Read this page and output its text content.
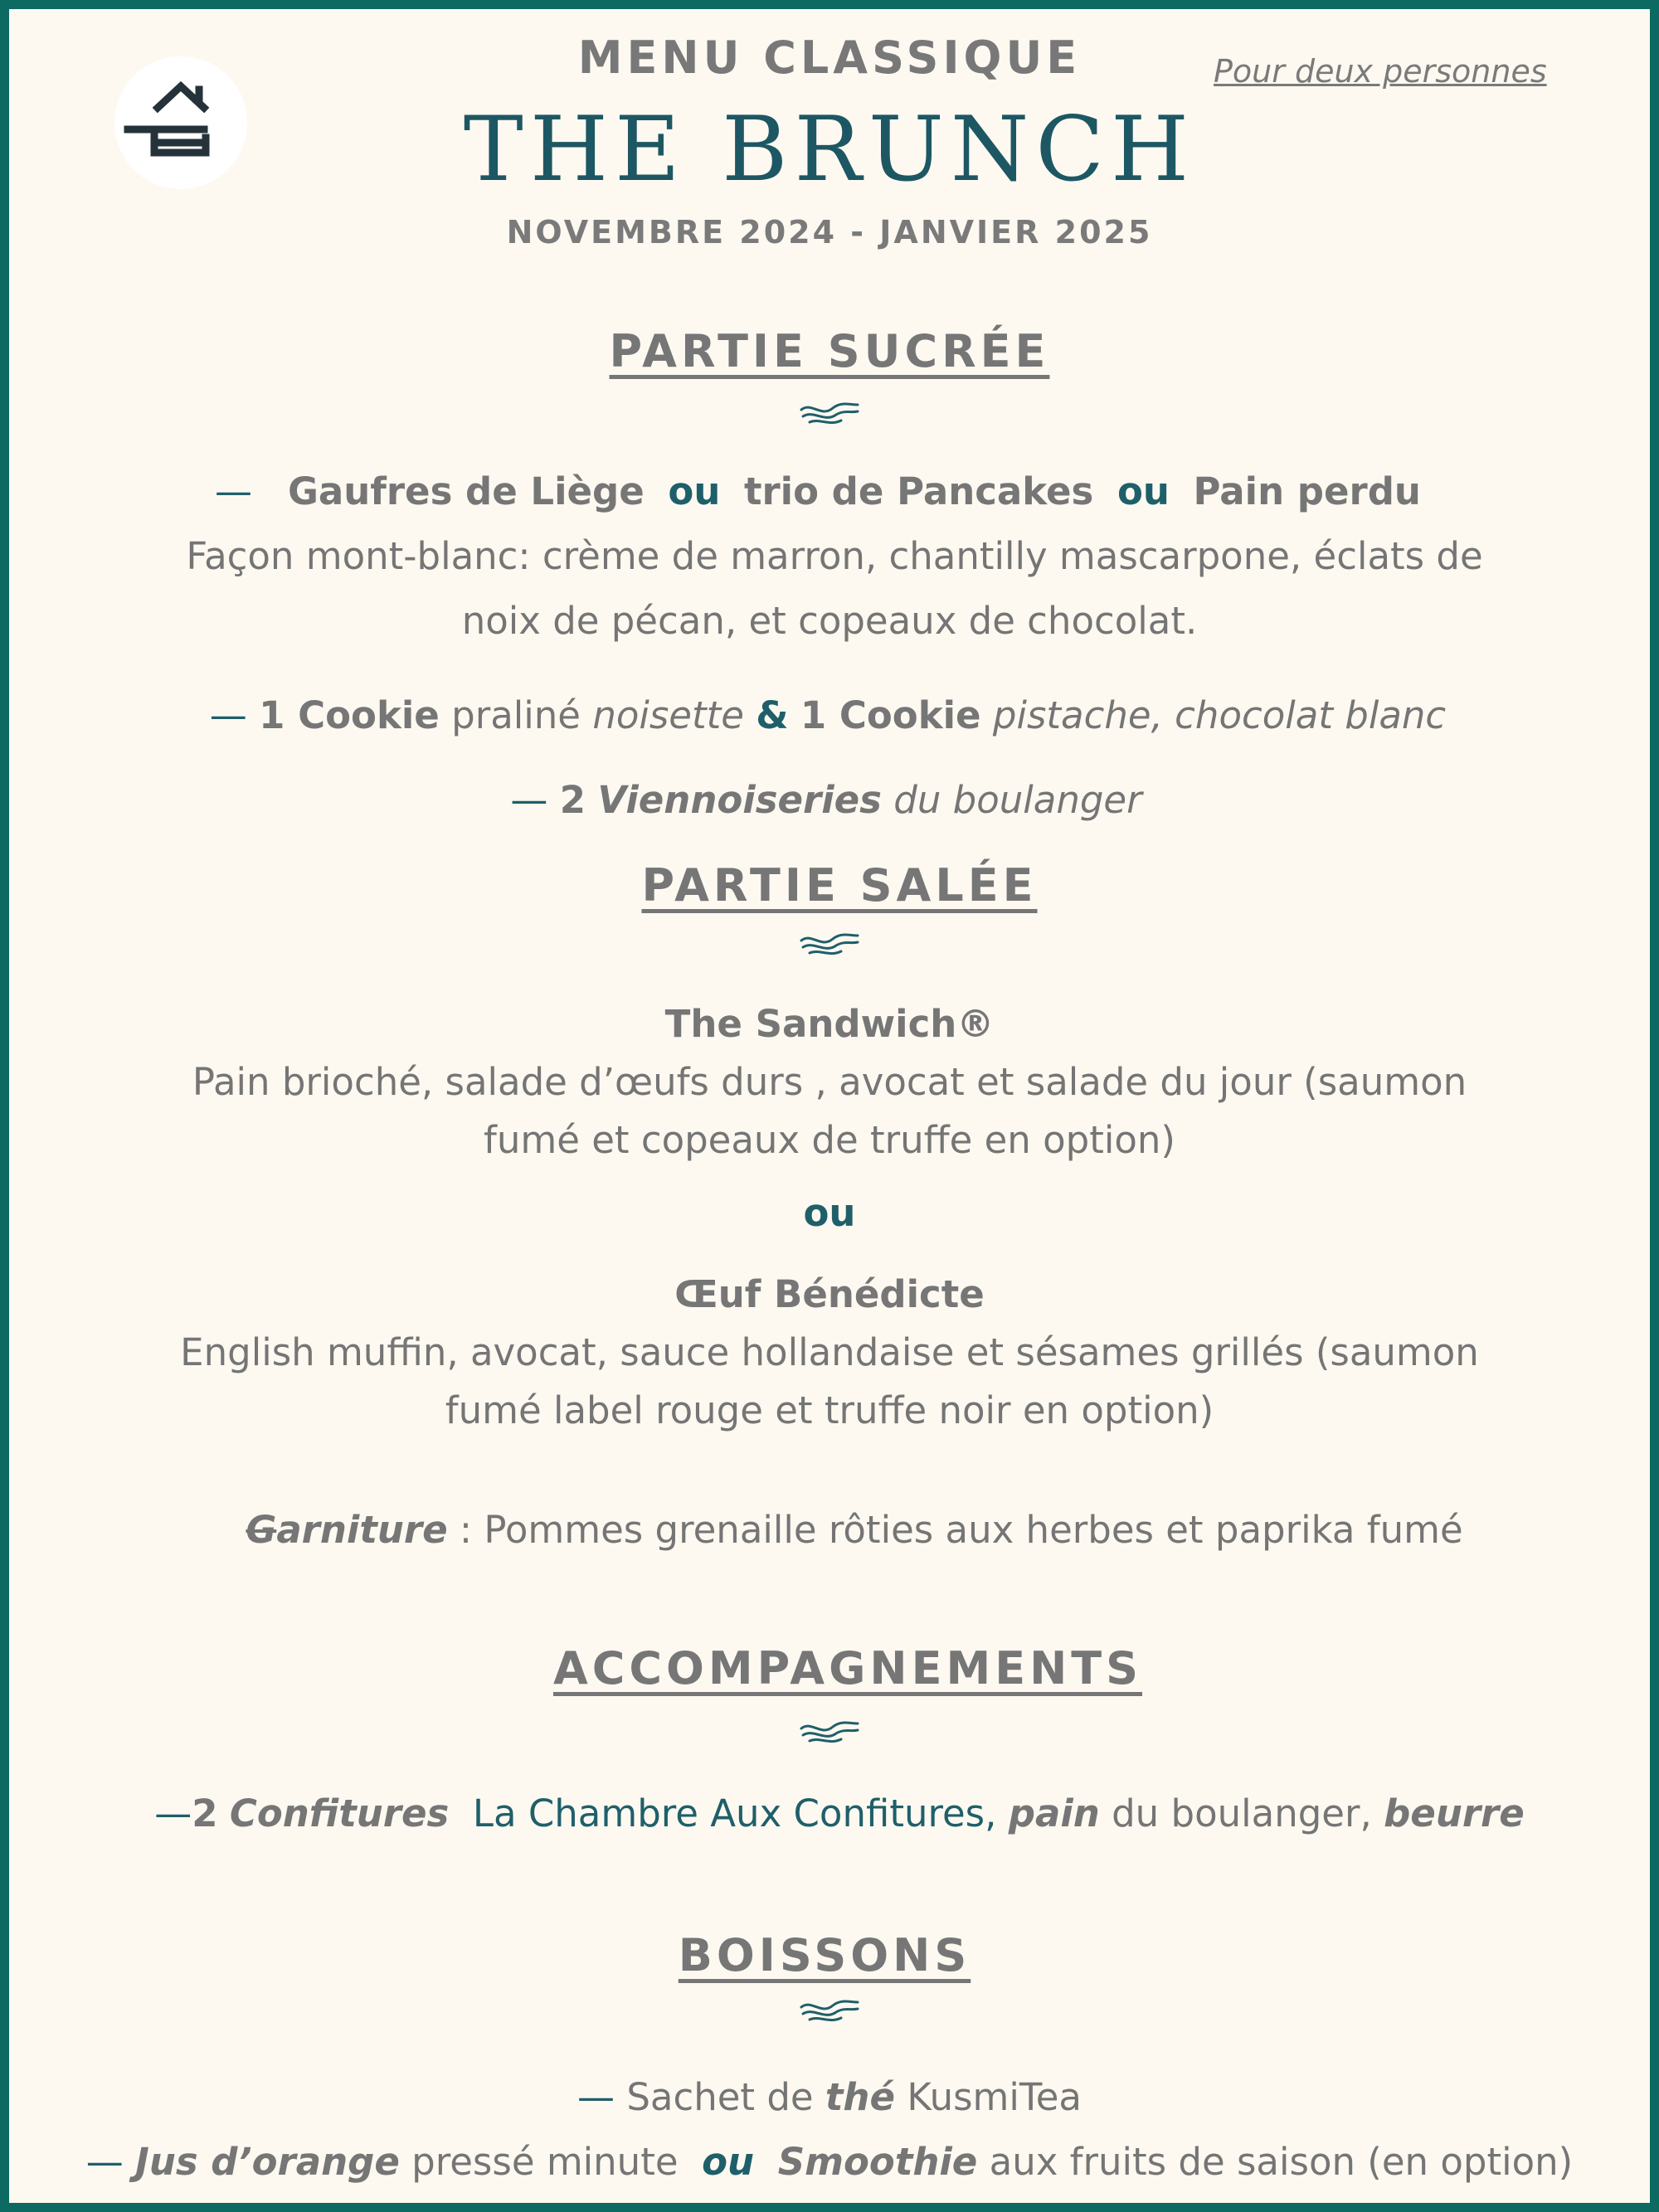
MENU CLASSIQUE
THE BRUNCH
NOVEMBRE 2024 - JANVIER 2025
Pour deux personnes
PARTIE SUCRÉE
— Gaufres de Liège ou trio de Pancakes ou Pain perdu
Façon mont-blanc: crème de marron, chantilly mascarpone, éclats de
noix de pécan, et copeaux de chocolat.
— 1 Cookie praliné noisette & 1 Cookie pistache, chocolat blanc
— 2 Viennoiseries du boulanger
PARTIE SALÉE
The Sandwich®
Pain brioché, salade d’œufs durs , avocat et salade du jour (saumon
fumé et copeaux de truffe en option)
ou
Œuf Bénédicte
English muffin, avocat, sauce hollandaise et sésames grillés (saumon
fumé label rouge et truffe noir en option)
Garniture : Pommes grenaille rôties aux herbes et paprika fumé
ACCOMPAGNEMENTS
—2 Confitures La Chambre Aux Confitures, pain du boulanger, beurre
BOISSONS
— Sachet de thé KusmiTea
— Jus d’orange pressé minute ou Smoothie aux fruits de saison (en option)
